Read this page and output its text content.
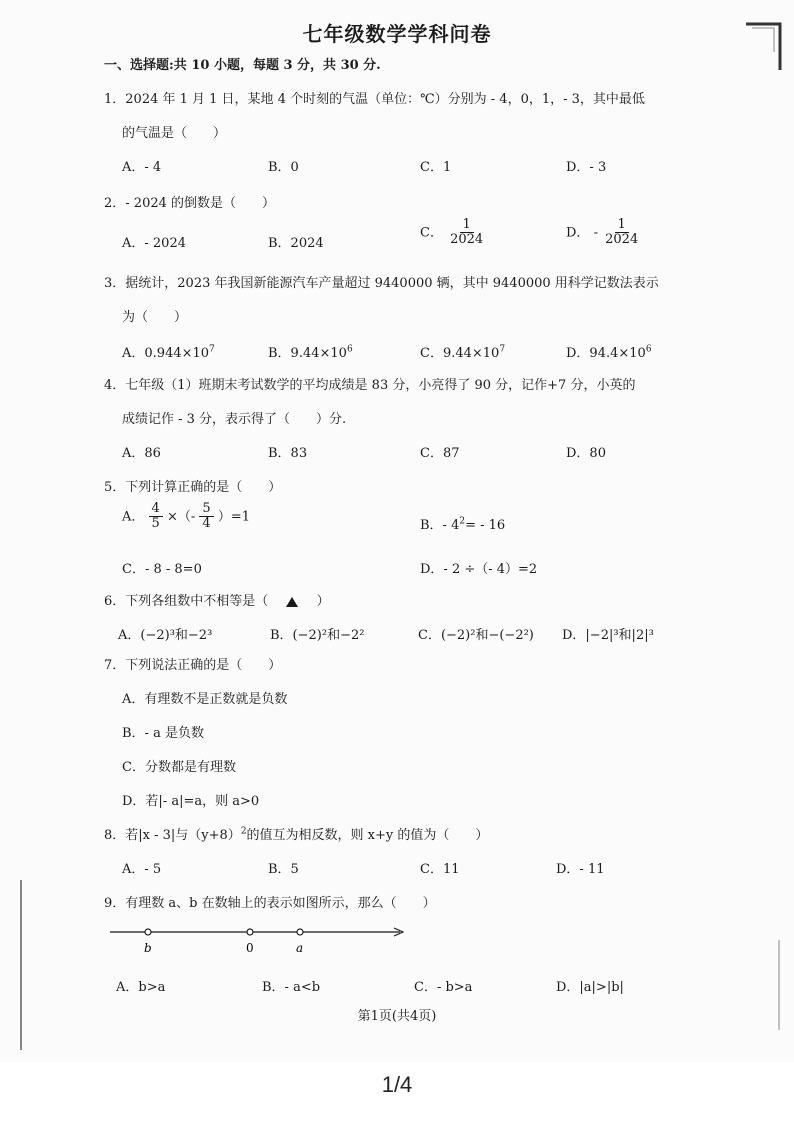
七年级数学学科问卷
一、选择题:共 10 小题，每题 3 分，共 30 分.
1．2024 年 1 月 1 日，某地 4 个时刻的气温（单位：℃）分别为 - 4，0，1，- 3，其中最低
的气温是（　　）
A．- 4	B．0	C．1	D．- 3
2．- 2024 的倒数是（　　）
A．- 2024	B．2024
C． $\frac{1}{2024}$	D． - $\frac{1}{2024}$
3．据统计，2023 年我国新能源汽车产量超过 9440000 辆，其中 9440000 用科学记数法表示
为（　　）
A．$0.944\times 10^7$	B．$9.44\times 10^6$	C．$9.44\times 10^7$	D．$94.4\times 10^6$
4．七年级（1）班期末考试数学的平均成绩是 83 分，小亮得了 90 分，记作+7 分，小英的
成绩记作 - 3 分，表示得了（　　）分.
A．86	B．83	C．87	D．80
5．下列计算正确的是（　　）
A． $\frac{4}{5}$ ×（- $\frac{5}{4} )=1$
B．- $4^2= - 16$
C．- 8 - 8=0	D．- 2 ÷（- 4）=2
6．下列各组数中不相等是（	）
A．(−2)³和−2³	B．(−2)²和−2²	C．(−2)²和−(−2²) D．|−2|³和|2|³
7．下列说法正确的是（　　）
A．有理数不是正数就是负数
B．- a 是负数
C．分数都是有理数
D．若|- a|=a，则 a>0
8．若|x - 3|与$(y+8)^2$的值互为相反数，则 x+y 的值为（　　）
A．- 5	B．5	C．11	D．- 11
9．有理数 a、b 在数轴上的表示如图所示，那么（　　）
b	0	a
A．b>a	B．- a<b	C．- b>a	D．|a|>|b|
第1页(共4页)
1/4
